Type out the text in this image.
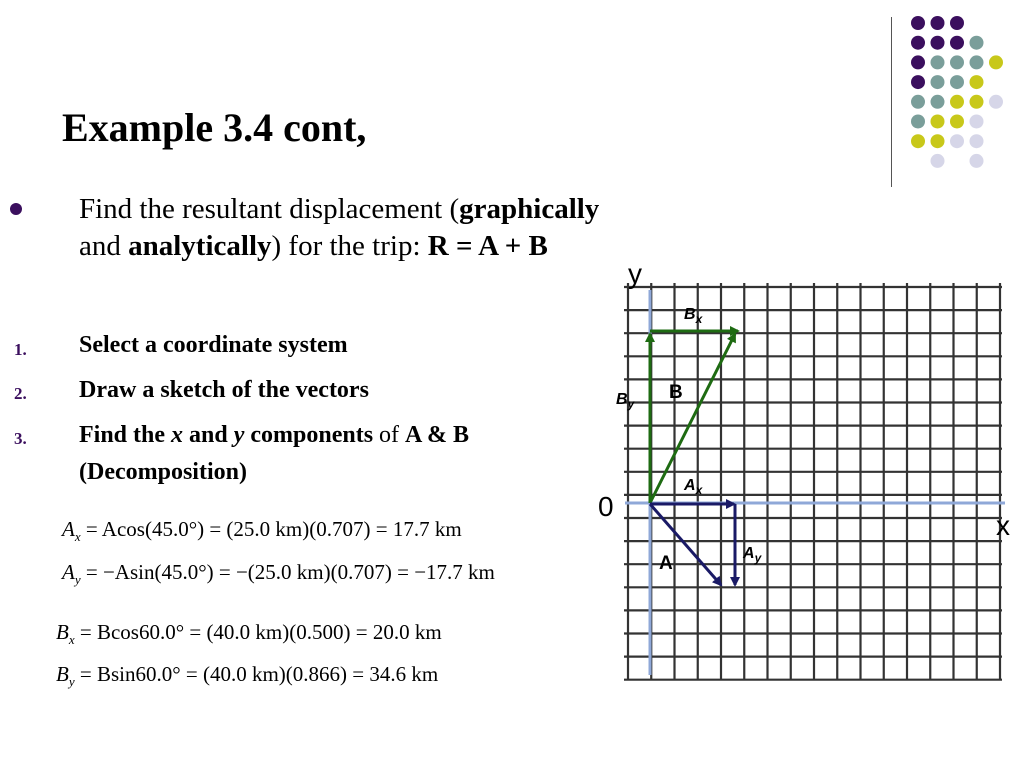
Example 3.4 cont,

Find the resultant displacement (graphically and analytically) for the trip: R = A + B

1. Select a coordinate system
2. Draw a sketch of the vectors
3. Find the x and y components of A & B
(Decomposition)
$A_x = Acos(45.0^\circ) = (25.0$ km)(0.707) = 17.7 km
$A_y = -Asin(45.0^\circ) = -(25.0$ km)(0.707) = −17.7 km
$B_x = Bcos60.0^\circ = (40.0$ km)(0.500) = 20.0 km
$B_y = Bsin60.0^\circ = (40.0$ km)(0.866) = 34.6 km
y
x
0
B
A
$B_x$
$B_y$
$A_x$
$A_y$
